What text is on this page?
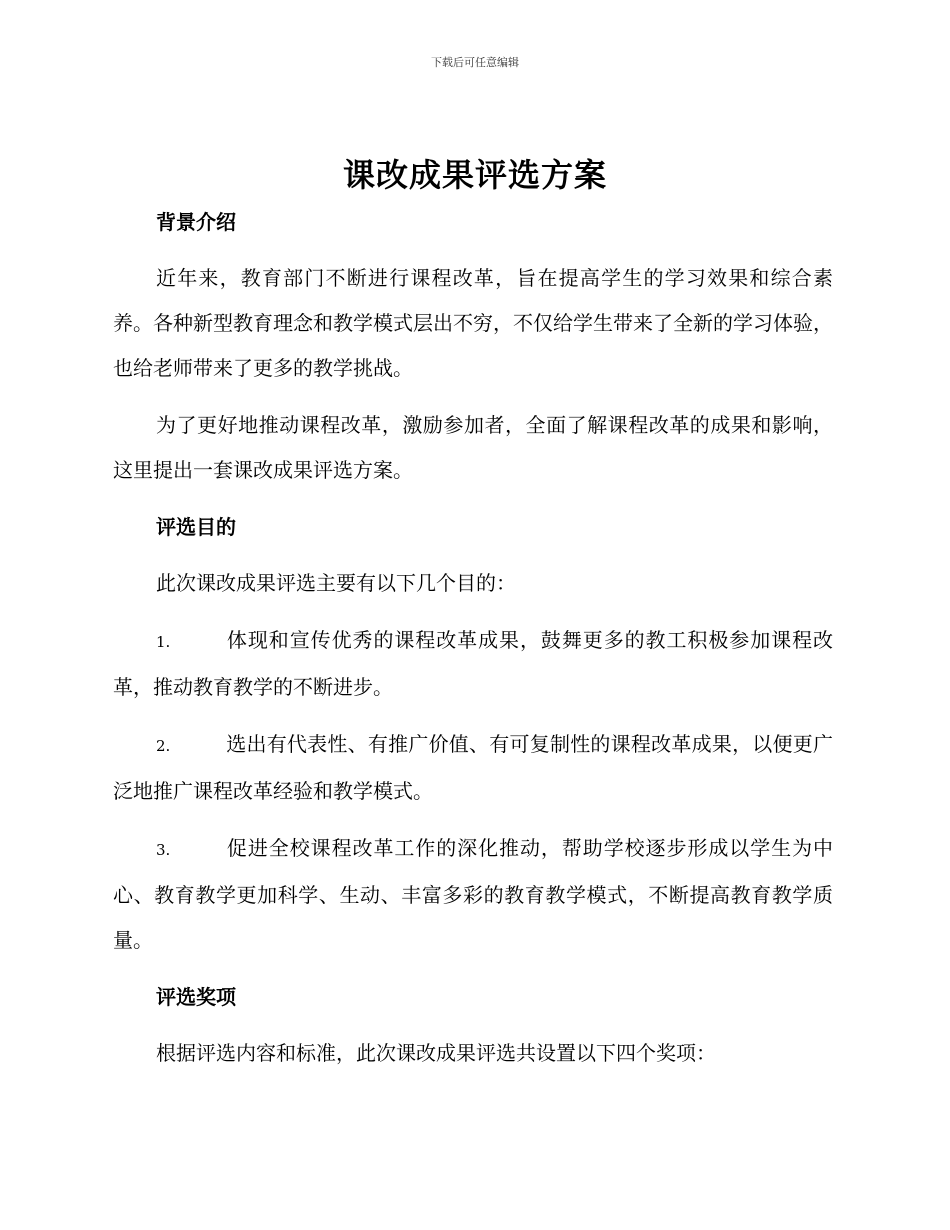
下载后可任意编辑
课改成果评选方案
背景介绍

近年来，教育部门不断进行课程改革，旨在提高学生的学习效果和综合素养。各种新型教育理念和教学模式层出不穷，不仅给学生带来了全新的学习体验，也给老师带来了更多的教学挑战。

为了更好地推动课程改革，激励参加者，全面了解课程改革的成果和影响，这里提出一套课改成果评选方案。

评选目的

此次课改成果评选主要有以下几个目的：

1.	体现和宣传优秀的课程改革成果，鼓舞更多的教工积极参加课程改革，推动教育教学的不断进步。

2.	选出有代表性、有推广价值、有可复制性的课程改革成果，以便更广泛地推广课程改革经验和教学模式。

3.	促进全校课程改革工作的深化推动，帮助学校逐步形成以学生为中心、教育教学更加科学、生动、丰富多彩的教育教学模式，不断提高教育教学质量。

评选奖项

根据评选内容和标准，此次课改成果评选共设置以下四个奖项：
